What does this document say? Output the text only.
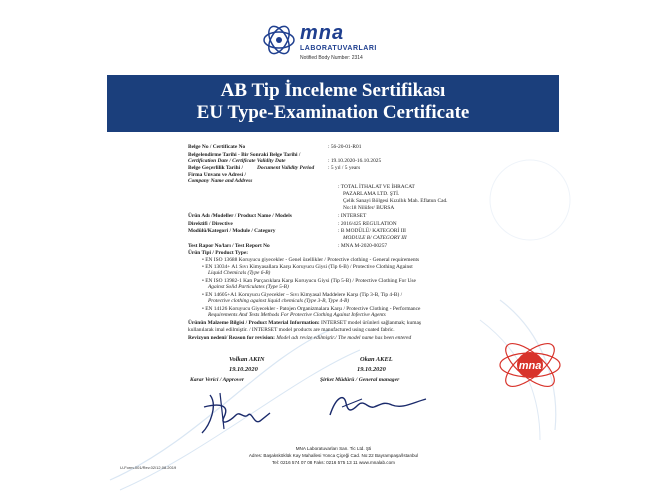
mna
LABORATUVARLARI
Notified Body Number: 2314
AB Tip İnceleme Sertifikası
EU Type-Examination Certificate
Belge No / Certificate No	: 56-20-01-R01
Belgelendirme Tarihi - Bir Sonraki Belge Tarihi /
Certification Date / Certificate Validity Date	: 19.10.2020-16.10.2025
Belge Geçerlilik Tarihi /	Document Validity Period	: 5 yıl / 5 years
Firma Unvanı ve Adresi /
Company Name and Address
: TOTAL İTHALAT VE İHRACAT
PAZARLAMA LTD. ŞTİ.
Çelik Sanayi Bölgesi Kızıllık Mah. Eflatun Cad.
No:18 Nilüfer/ BURSA
Ürün Adı /Modeller / Product Name / Models	: INTERSET
Direktifi / Directive	: 2016/425 REGULATION
Modülü/Kategori / Module / Category	: B MODÜLÜ/ KATEGORİ III
MODULE B/ CATEGORY III
Test Rapor No/ları / Test Report No	: MNA M-2020-00257
Ürün Tipi / Product Type:
• EN ISO 13688 Koruyucu giyecekler - Genel özellikler / Protective clothing - General requirements
• EN 13034+ A1 Sıvı Kimyasallara Karşı Koruyucu Giysi (Tip 6-B) / Protective Clothing Against
Liquid Chemicals (Type 6-B)
• EN ISO 13982-1 Katı Parçacıklara Karşı Koruyucu Giysi (Tip 5-B) / Protective Clothing For Use
Against Solid Particulates (Type 5-B)
• EN 14605+A1 Koruyucu Giyecekler – Sıvı Kimyasal Maddelere Karşı (Tip 3-B, Tip 4-B) /
Protective clothing against liquid chemicals (Type 3-B, Type 4-B)
• EN 14126 Koruyucu Giyecekler - Patojen Organizmalara Karşı / Protective Clothing - Performance
Requirements And Tests Methods For Protective Clothing Against Infective Agents
Ürünün Malzeme Bilgisi / Product Material Information: INTERSET model ürünleri sağlanmak; kumaş
kullanılarak imal edilmiştir. / INTERSET model products are manufactured using coated fabric.
Revizyon nedeni/ Reason for revision: Model adı revize edilmiştir./ The model name has been entered
Volkan AKIN
19.10.2020
Karar Verici / Approver
Okan AKEL
19.10.2020
Şirket Müdürü / General manager
mna
MNA Laboratuvarları San. Tic Ltd. Şti
Adres: Başaksköklük Kay Mahallesi Yonca Çiçeği Cad. No:22 Bayrampaşa/İstanbul
Tel: 0216 574 07 08 Faks: 0216 575 13 11 www.mnalab.com
U-Form-001/Rev.02/12.08.2019
